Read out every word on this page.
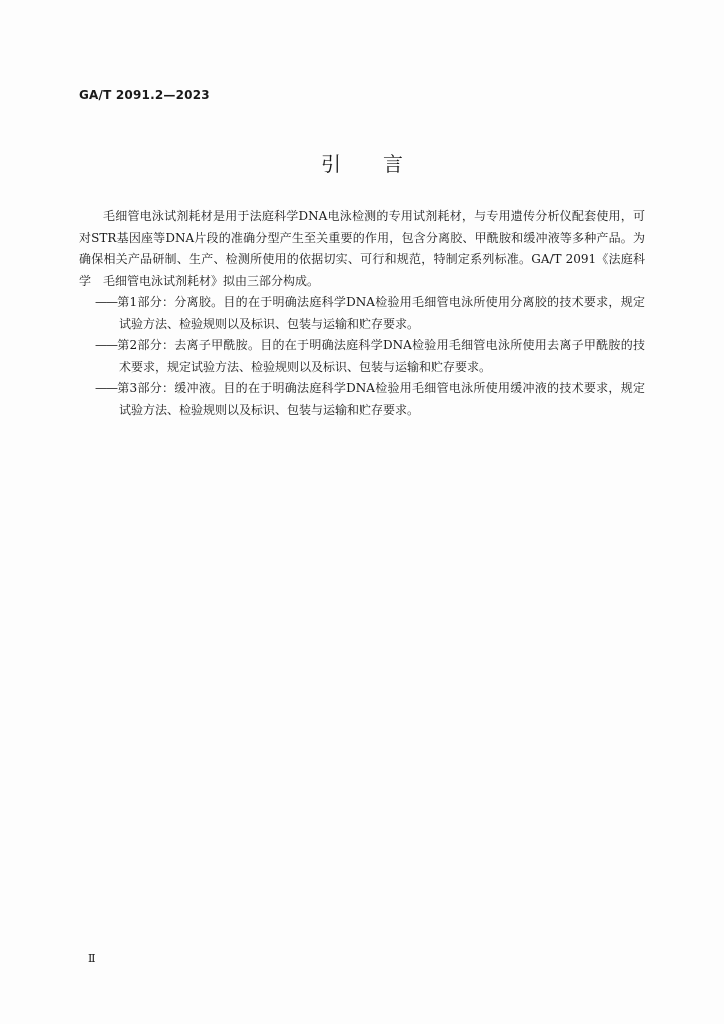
GA/T 2091.2—2023
引言

毛细管电泳试剂耗材是用于法庭科学DNA电泳检测的专用试剂耗材，与专用遗传分析仪配套使用，可对STR基因座等DNA片段的准确分型产生至关重要的作用，包含分离胶、甲酰胺和缓冲液等多种产品。为确保相关产品研制、生产、检测所使用的依据切实、可行和规范，特制定系列标准。GA/T 2091《法庭科学　毛细管电泳试剂耗材》拟由三部分构成。

——第1部分：分离胶。目的在于明确法庭科学DNA检验用毛细管电泳所使用分离胶的技术要求，规定试验方法、检验规则以及标识、包装与运输和贮存要求。

——第2部分：去离子甲酰胺。目的在于明确法庭科学DNA检验用毛细管电泳所使用去离子甲酰胺的技术要求，规定试验方法、检验规则以及标识、包装与运输和贮存要求。

——第3部分：缓冲液。目的在于明确法庭科学DNA检验用毛细管电泳所使用缓冲液的技术要求，规定试验方法、检验规则以及标识、包装与运输和贮存要求。

Ⅱ
